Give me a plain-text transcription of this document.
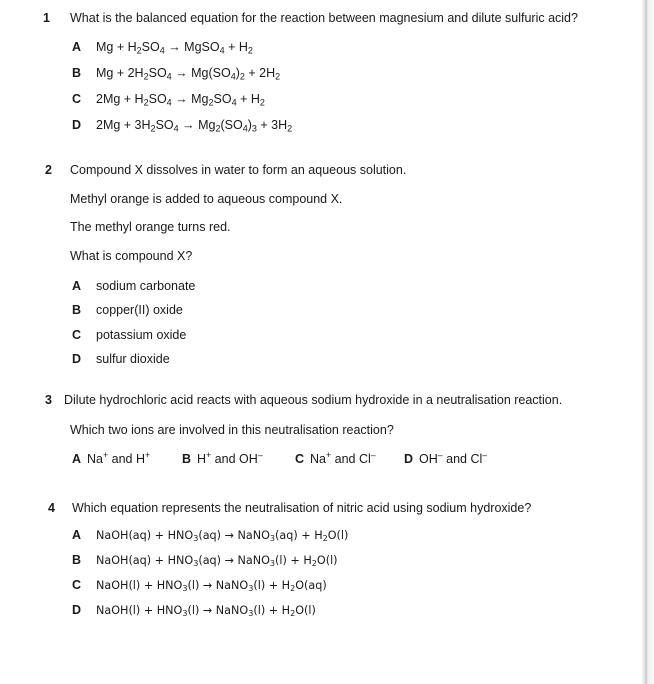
1 What is the balanced equation for the reaction between magnesium and dilute sulfuric acid?
A $Mg + H_2SO_4$ → MgSO$_4$ + $H_2$
B $Mg + 2H_2SO_4 \to Mg(SO_4)_2 + 2H_2$
C $2Mg + H_2SO_4 \to Mg_2SO_4 + H_2$
D $2Mg + 3H_2SO_4 \to Mg_2(SO_4)_3 + 3H_2$
2 Compound X dissolves in water to form an aqueous solution.
Methyl orange is added to aqueous compound X.
The methyl orange turns red.
What is compound X?
A sodium carbonate
B copper(II) oxide
C potassium oxide
D sulfur dioxide
3 Dilute hydrochloric acid reacts with aqueous sodium hydroxide in a neutralisation reaction.
Which two ions are involved in this neutralisation reaction?
A Na+ and H+	B H+ and OH–	C Na+ and Cl– D OH– and Cl–
4 Which equation represents the neutralisation of nitric acid using sodium hydroxide?
A NaOH(aq) + $HNO_3(aq)$ → NaNO$_3$(aq) + $H_2O(l)$
B NaOH(aq) + $HNO_3(aq)$ → NaNO$_3$(l) + $H_2O(l)$
C NaOH(l) + $HNO_3(l)$ → NaNO$_3$(l) + $H_2O(aq)$
D NaOH(l) + $HNO_3(l)$ → NaNO$_3$(l) + $H_2O(l)$
